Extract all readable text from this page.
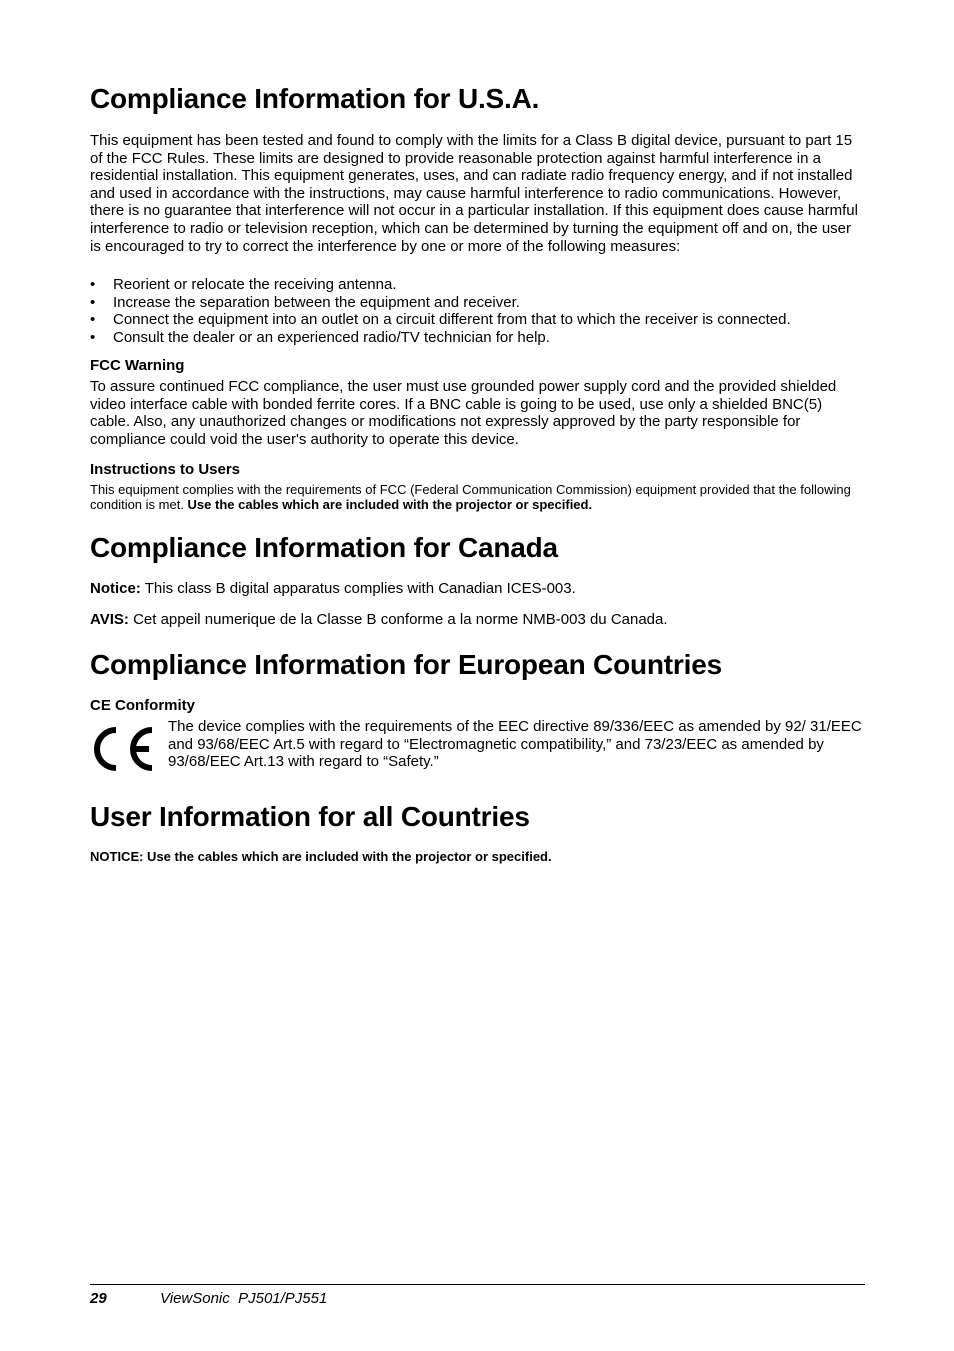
Compliance Information for U.S.A.

This equipment has been tested and found to comply with the limits for a Class B digital device, pursuant to part 15 of the FCC Rules. These limits are designed to provide reasonable protection against harmful interference in a residential installation. This equipment generates, uses, and can radiate radio frequency energy, and if not installed and used in accordance with the instructions, may cause harmful interference to radio communications. However, there is no guarantee that interference will not occur in a particular installation. If this equipment does cause harmful interference to radio or television reception, which can be determined by turning the equipment off and on, the user is encouraged to try to correct the interference by one or more of the following measures:

• Reorient or relocate the receiving antenna.
• Increase the separation between the equipment and receiver.
• Connect the equipment into an outlet on a circuit different from that to which the receiver is connected.
• Consult the dealer or an experienced radio/TV technician for help.

FCC Warning

To assure continued FCC compliance, the user must use grounded power supply cord and the provided shielded video interface cable with bonded ferrite cores. If a BNC cable is going to be used, use only a shielded BNC(5) cable. Also, any unauthorized changes or modifications not expressly approved by the party responsible for compliance could void the user's authority to operate this device.

Instructions to Users

This equipment complies with the requirements of FCC (Federal Communication Commission) equipment provided that the following condition is met. Use the cables which are included with the projector or specified.

Compliance Information for Canada

Notice: This class B digital apparatus complies with Canadian ICES-003.

AVIS: Cet appeil numerique de la Classe B conforme a la norme NMB-003 du Canada.

Compliance Information for European Countries

CE Conformity

The device complies with the requirements of the EEC directive 89/336/EEC as amended by 92/ 31/EEC and 93/68/EEC Art.5 with regard to “Electromagnetic compatibility,” and 73/23/EEC as amended by 93/68/EEC Art.13 with regard to “Safety.”

User Information for all Countries

NOTICE: Use the cables which are included with the projector or specified.

29	ViewSonic  PJ501/PJ551
